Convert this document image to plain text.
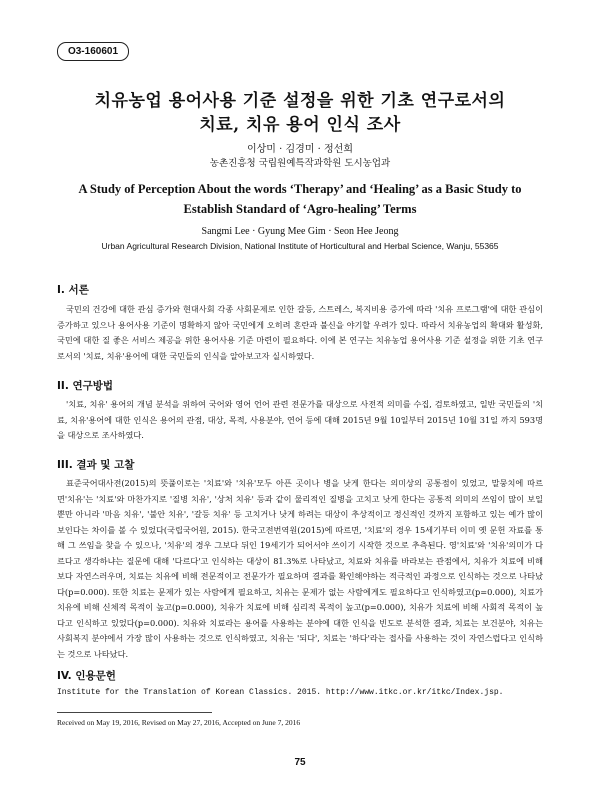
O3-160601
치유농업 용어사용 기준 설정을 위한 기초 연구로서의
치료, 치유 용어 인식 조사
이상미 · 김경미 · 정선희
농촌진흥청 국립원예특작과학원 도시농업과
A Study of Perception About the words ‘Therapy’ and ‘Healing’ as a Basic Study to
Establish Standard of ‘Agro-healing’ Terms
Sangmi Lee · Gyung Mee Gim · Seon Hee Jeong
Urban Agricultural Research Division, National Institute of Horticultural and Herbal Science, Wanju, 55365
I. 서론

국민의 건강에 대한 관심 증가와 현대사회 각종 사회문제로 인한 갈등, 스트레스, 복지비용 증가에 따라 '치유 프로그램'에 대한 관심이 증가하고 있으나 용어사용 기준이 명확하지 않아 국민에게 오히려 혼란과 불신을 야기할 우려가 있다. 따라서 치유농업의 확대와 활성화, 국민에 대한 질 좋은 서비스 제공을 위한 용어사용 기준 마련이 필요하다. 이에 본 연구는 치유농업 용어사용 기준 설정을 위한 기초 연구로서의 '치료, 치유'용어에 대한 국민들의 인식을 알아보고자 실시하였다.

II. 연구방법

'치료, 치유' 용어의 개념 분석을 위하여 국어와 영어 언어 관련 전문가를 대상으로 사전적 의미를 수집, 검토하였고, 일반 국민들의 '치료, 치유'용어에 대한 인식은 용어의 관점, 대상, 목적, 사용분야, 연어 등에 대해 2015년 9월 10일부터 2015년 10월 31일 까지 593명을 대상으로 조사하였다.

III. 결과 및 고찰

표준국어대사전(2015)의 뜻풀이로는 '치료'와 '치유'모두 아픈 곳이나 병을 낫게 한다는 의미상의 공통점이 있었고, 말뭉치에 따르면'치유'는 '치료'와 마찬가지로 '질병 치유', '상처 치유' 등과 같이 물리적인 질병을 고치고 낫게 한다는 공통적 의미의 쓰임이 많이 보일 뿐만 아니라 '마음 치유', '불안 치유', '갈등 치유' 등 고치거나 낫게 하려는 대상이 추상적이고 정신적인 것까지 포함하고 있는 예가 많이 보인다는 차이를 볼 수 있었다(국립국어원, 2015). 한국고전번역원(2015)에 따르면, '치료'의 경우 15세기부터 이미 옛 문헌 자료를 통해 그 쓰임을 찾을 수 있으나, '치유'의 경우 그보다 뒤인 19세기가 되어서야 쓰이기 시작한 것으로 추측된다. 영'치료'와 '치유'의미가 다르다고 생각하냐는 질문에 대해 '다르다'고 인식하는 대상이 81.3%로 나타났고, 치료와 치유를 바라보는 관점에서, 치유가 치료에 비해 보다 자연스러우며, 치료는 치유에 비해 전문적이고 전문가가 필요하며 결과를 확인해야하는 적극적인 과정으로 인식하는 것으로 나타났다(p=0.000). 또한 치료는 문제가 있는 사람에게 필요하고, 치유는 문제가 없는 사람에게도 필요하다고 인식하였고(p=0.000), 치료가 치유에 비해 신체적 목적이 높고(p=0.000), 치유가 치료에 비해 심리적 목적이 높고(p=0.000), 치유가 치료에 비해 사회적 목적이 높다고 인식하고 있었다(p=0.000). 치유와 치료라는 용어를 사용하는 분야에 대한 인식을 빈도로 분석한 결과, 치료는 보건분야, 치유는 사회복지 분야에서 가장 많이 사용하는 것으로 인식하였고, 치유는 '되다', 치료는 '하다'라는 접사를 사용하는 것이 자연스럽다고 인식하는 것으로 나타났다.

IV. 인용문헌
Institute for the Translation of Korean Classics. 2015. http://www.itkc.or.kr/itkc/Index.jsp.
Received on May 19, 2016, Revised on May 27, 2016, Accepted on June 7, 2016
75
